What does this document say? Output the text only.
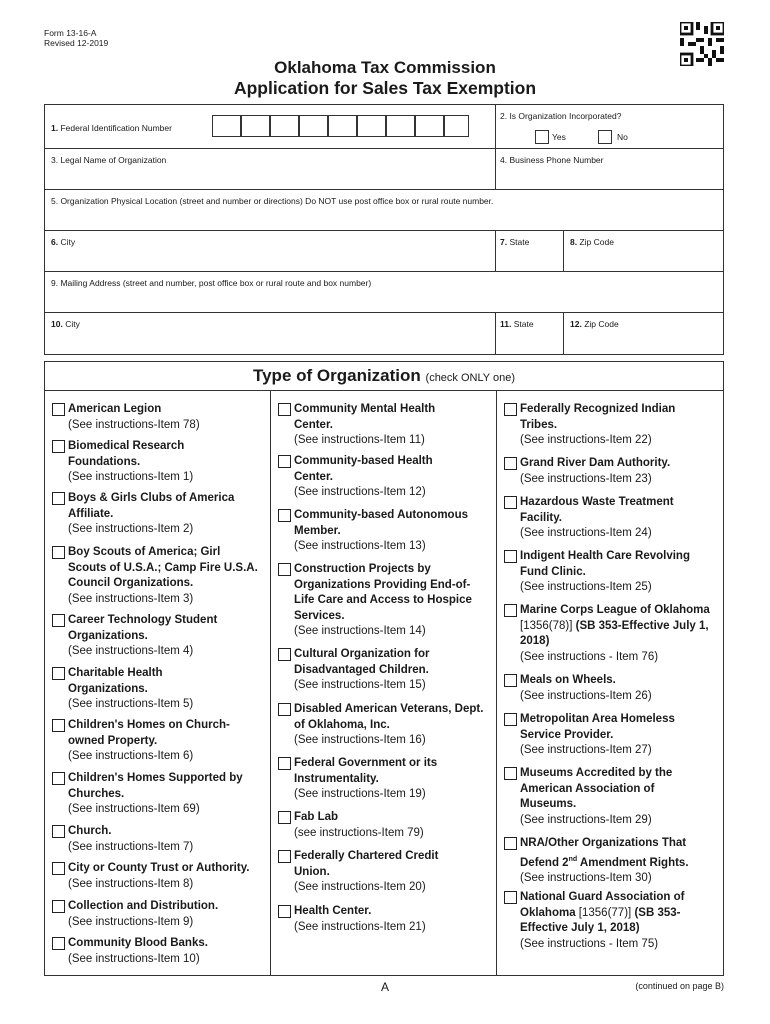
Form 13-16-A
Revised 12-2019
Oklahoma Tax Commission
Application for Sales Tax Exemption
1. Federal Identification Number
2. Is Organization Incorporated?
Yes	No
3. Legal Name of Organization	4. Business Phone Number
5. Organization Physical Location (street and number or directions) Do NOT use post office box or rural route number.
6. City	7. State	8. Zip Code
9. Mailing Address (street and number, post office box or rural route and box number)
10. City	11. State	12. Zip Code
Type of Organization (check ONLY one)
American Legion
(See instructions-Item 78)
Biomedical Research Foundations.
(See instructions-Item 1)
Boys & Girls Clubs of America Affiliate.
(See instructions-Item 2)
Boy Scouts of America; Girl Scouts of U.S.A.; Camp Fire U.S.A. Council Organizations.
(See instructions-Item 3)
Career Technology Student Organizations.
(See instructions-Item 4)
Charitable Health Organizations.
(See instructions-Item 5)
Children's Homes on Church-owned Property.
(See instructions-Item 6)
Children's Homes Supported by Churches.
(See instructions-Item 69)
Church.
(See instructions-Item 7)
City or County Trust or Authority.
(See instructions-Item 8)
Collection and Distribution.
(See instructions-Item 9)
Community Blood Banks.
(See instructions-Item 10)
Community Mental Health Center.
(See instructions-Item 11)
Community-based Health Center.
(See instructions-Item 12)
Community-based Autonomous Member.
(See instructions-Item 13)
Construction Projects by Organizations Providing End-of-Life Care and Access to Hospice Services.
(See instructions-Item 14)
Cultural Organization for Disadvantaged Children.
(See instructions-Item 15)
Disabled American Veterans, Dept. of Oklahoma, Inc.
(See instructions-Item 16)
Federal Government or its Instrumentality.
(See instructions-Item 19)
Fab Lab
(see instructions-Item 79)
Federally Chartered Credit Union.
(See instructions-Item 20)
Health Center.
(See instructions-Item 21)
Federally Recognized Indian Tribes.
(See instructions-Item 22)
Grand River Dam Authority.
(See instructions-Item 23)
Hazardous Waste Treatment Facility.
(See instructions-Item 24)
Indigent Health Care Revolving Fund Clinic.
(See instructions-Item 25)
Marine Corps League of Oklahoma [1356(78)] (SB 353-Effective July 1, 2018)
(See instructions - Item 76)
Meals on Wheels.
(See instructions-Item 26)
Metropolitan Area Homeless Service Provider.
(See instructions-Item 27)
Museums Accredited by the American Association of Museums.
(See instructions-Item 29)
NRA/Other Organizations That Defend 2nd Amendment Rights.
(See instructions-Item 30)
National Guard Association of Oklahoma [1356(77)] (SB 353-Effective July 1, 2018)
(See instructions - Item 75)
A	(continued on page B)
